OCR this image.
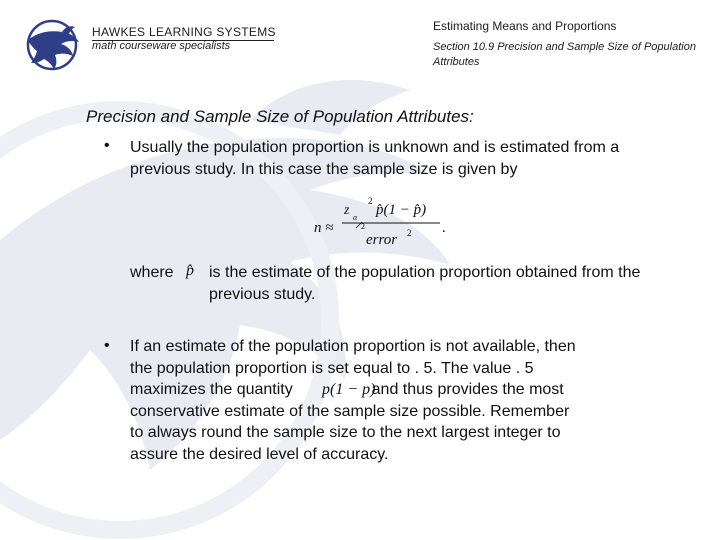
HAWKES LEARNING SYSTEMS
math courseware specialists
Estimating Means and Proportions
Section 10.9 Precision and Sample Size of Population Attributes
Precision and Sample Size of Population Attributes:
• Usually the population proportion is unknown and is estimated from a previous study. In this case the sample size is given by
n ≈
z α
2
2
p̂(1 − p̂)
error 2 .
where p̂ is the estimate of the population proportion obtained from the previous study.
• If an estimate of the population proportion is not available, then
the population proportion is set equal to . 5. The value . 5
maximizes the quantity	and thus provides the most
p(1 − p)
conservative estimate of the sample size possible. Remember
to always round the sample size to the next largest integer to
assure the desired level of accuracy.
